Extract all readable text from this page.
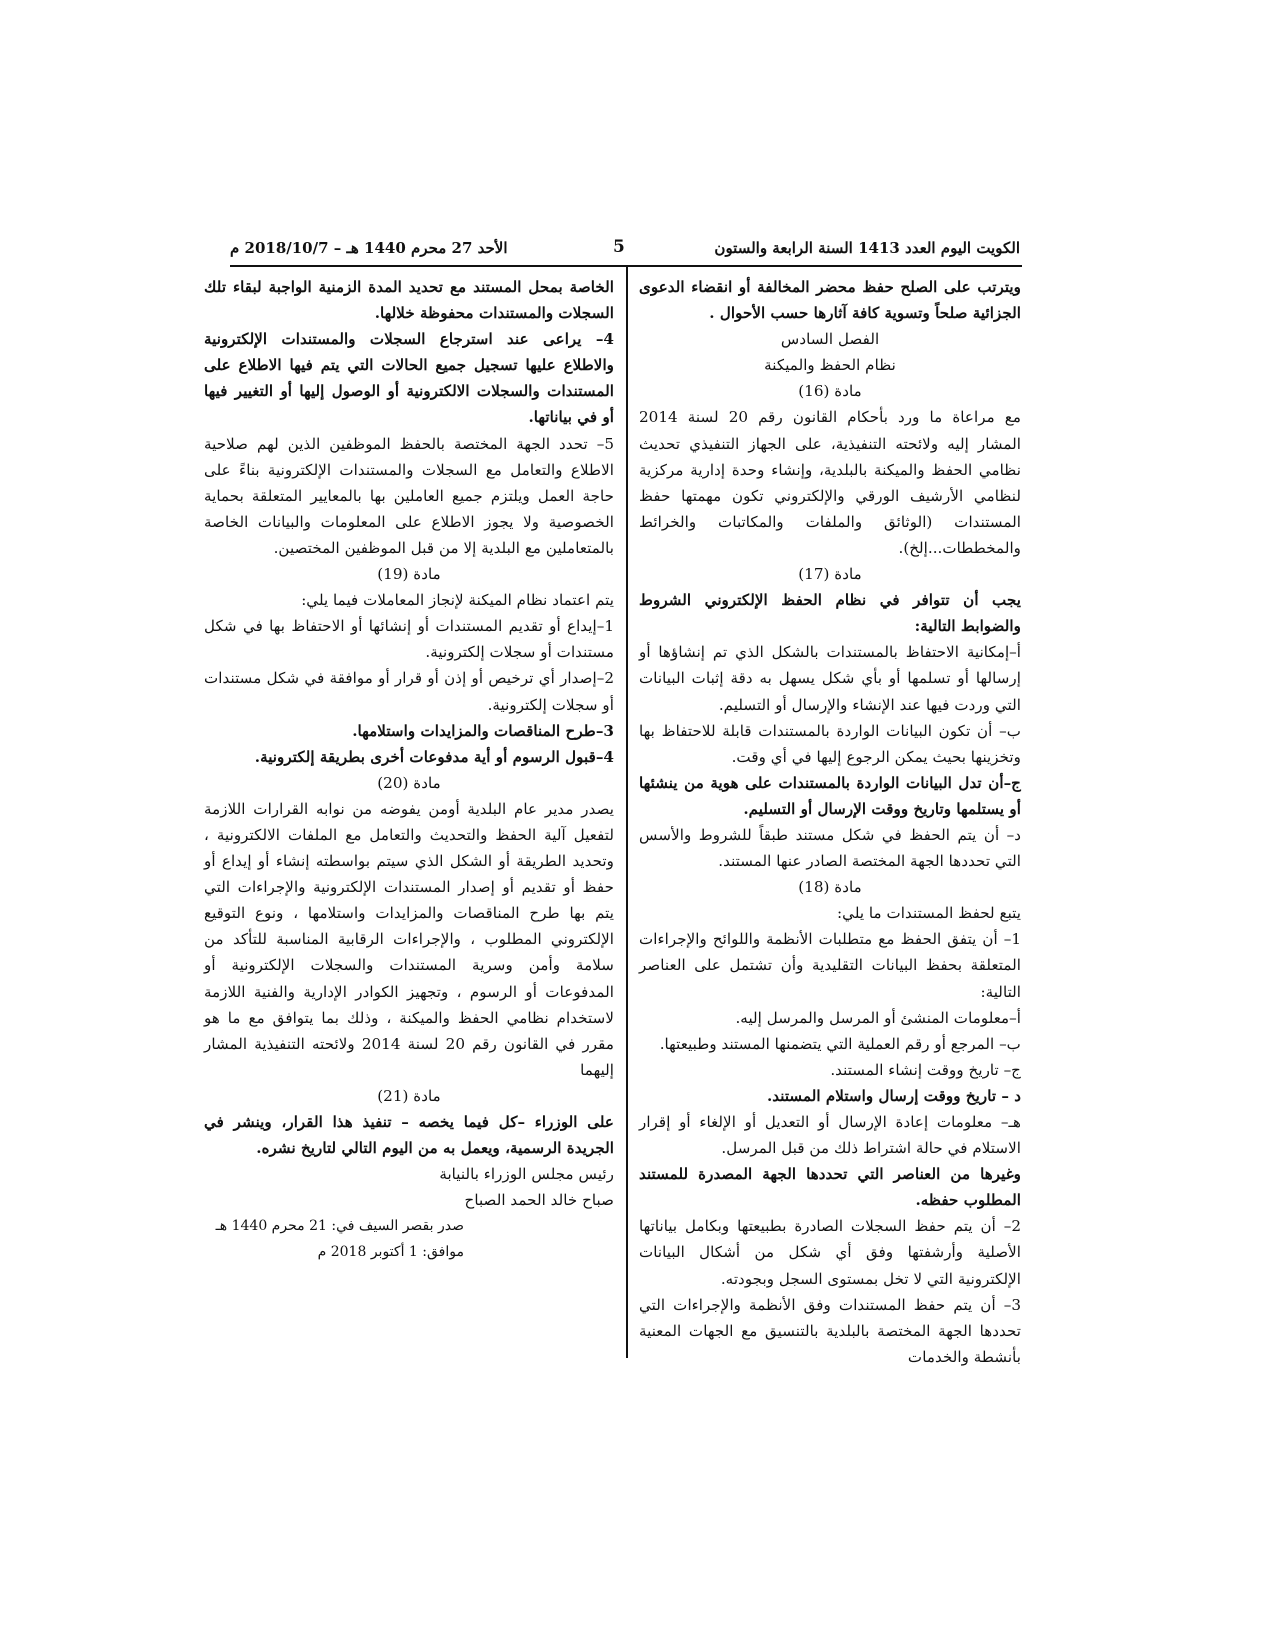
الكويت اليوم العدد 1413 السنة الرابعة والستون
5
الأحد 27 محرم 1440 هـ – 2018/10/7 م

ويترتب على الصلح حفظ محضر المخالفة أو انقضاء الدعوى الجزائية صلحاً وتسوية كافة آثارها حسب الأحوال .

الفصل السادس

نظام الحفظ والميكنة

مادة (16)

مع مراعاة ما ورد بأحكام القانون رقم 20 لسنة 2014 المشار إليه ولائحته التنفيذية، على الجهاز التنفيذي تحديث نظامي الحفظ والميكنة بالبلدية، وإنشاء وحدة إدارية مركزية لنظامي الأرشيف الورقي والإلكتروني تكون مهمتها حفظ المستندات (الوثائق والملفات والمكاتبات والخرائط والمخططات...إلخ).

مادة (17)

يجب أن تتوافر في نظام الحفظ الإلكتروني الشروط والضوابط التالية:

أ–إمكانية الاحتفاظ بالمستندات بالشكل الذي تم إنشاؤها أو إرسالها أو تسلمها أو بأي شكل يسهل به دقة إثبات البيانات التي وردت فيها عند الإنشاء والإرسال أو التسليم.

ب– أن تكون البيانات الواردة بالمستندات قابلة للاحتفاظ بها وتخزينها بحيث يمكن الرجوع إليها في أي وقت.

ج–أن تدل البيانات الواردة بالمستندات على هوية من ينشئها أو يستلمها وتاريخ ووقت الإرسال أو التسليم.

د– أن يتم الحفظ في شكل مستند طبقاً للشروط والأسس التي تحددها الجهة المختصة الصادر عنها المستند.

مادة (18)

يتبع لحفظ المستندات ما يلي:

1– أن يتفق الحفظ مع متطلبات الأنظمة واللوائح والإجراءات المتعلقة بحفظ البيانات التقليدية وأن تشتمل على العناصر التالية:

أ–معلومات المنشئ أو المرسل والمرسل إليه.

ب– المرجع أو رقم العملية التي يتضمنها المستند وطبيعتها.

ج– تاريخ ووقت إنشاء المستند.

د – تاريخ ووقت إرسال واستلام المستند.

هـ– معلومات إعادة الإرسال أو التعديل أو الإلغاء أو إقرار الاستلام في حالة اشتراط ذلك من قبل المرسل.

وغيرها من العناصر التي تحددها الجهة المصدرة للمستند المطلوب حفظه.

2– أن يتم حفظ السجلات الصادرة بطبيعتها وبكامل بياناتها الأصلية وأرشفتها وفق أي شكل من أشكال البيانات الإلكترونية التي لا تخل بمستوى السجل وبجودته.

3– أن يتم حفظ المستندات وفق الأنظمة والإجراءات التي تحددها الجهة المختصة بالبلدية بالتنسيق مع الجهات المعنية بأنشطة والخدمات

الخاصة بمحل المستند مع تحديد المدة الزمنية الواجبة لبقاء تلك السجلات والمستندات محفوظة خلالها.

4– يراعى عند استرجاع السجلات والمستندات الإلكترونية والاطلاع عليها تسجيل جميع الحالات التي يتم فيها الاطلاع على المستندات والسجلات الالكترونية أو الوصول إليها أو التغيير فيها أو في بياناتها.

5– تحدد الجهة المختصة بالحفظ الموظفين الذين لهم صلاحية الاطلاع والتعامل مع السجلات والمستندات الإلكترونية بناءً على حاجة العمل ويلتزم جميع العاملين بها بالمعايير المتعلقة بحماية الخصوصية ولا يجوز الاطلاع على المعلومات والبيانات الخاصة بالمتعاملين مع البلدية إلا من قبل الموظفين المختصين.

مادة (19)

يتم اعتماد نظام الميكنة لإنجاز المعاملات فيما يلي:

1–إيداع أو تقديم المستندات أو إنشائها أو الاحتفاظ بها في شكل مستندات أو سجلات إلكترونية.

2–إصدار أي ترخيص أو إذن أو قرار أو موافقة في شكل مستندات أو سجلات إلكترونية.

3–طرح المناقصات والمزايدات واستلامها.

4–قبول الرسوم أو أية مدفوعات أخرى بطريقة إلكترونية.

مادة (20)

يصدر مدير عام البلدية أومن يفوضه من نوابه القرارات اللازمة لتفعيل آلية الحفظ والتحديث والتعامل مع الملفات الالكترونية ، وتحديد الطريقة أو الشكل الذي سيتم بواسطته إنشاء أو إيداع أو حفظ أو تقديم أو إصدار المستندات الإلكترونية والإجراءات التي يتم بها طرح المناقصات والمزايدات واستلامها ، ونوع التوقيع الإلكتروني المطلوب ، والإجراءات الرقابية المناسبة للتأكد من سلامة وأمن وسرية المستندات والسجلات الإلكترونية أو المدفوعات أو الرسوم ، وتجهيز الكوادر الإدارية والفنية اللازمة لاستخدام نظامي الحفظ والميكنة ، وذلك بما يتوافق مع ما هو مقرر في القانون رقم 20 لسنة 2014 ولائحته التنفيذية المشار إليهما

مادة (21)

على الوزراء –كل فيما يخصه – تنفيذ هذا القرار، وينشر في الجريدة الرسمية، ويعمل به من اليوم التالي لتاريخ نشره.

رئيس مجلس الوزراء بالنيابة

صباح خالد الحمد الصباح

صدر بقصر السيف في: 21 محرم 1440 هـ

موافق: 1 أكتوبر 2018 م
